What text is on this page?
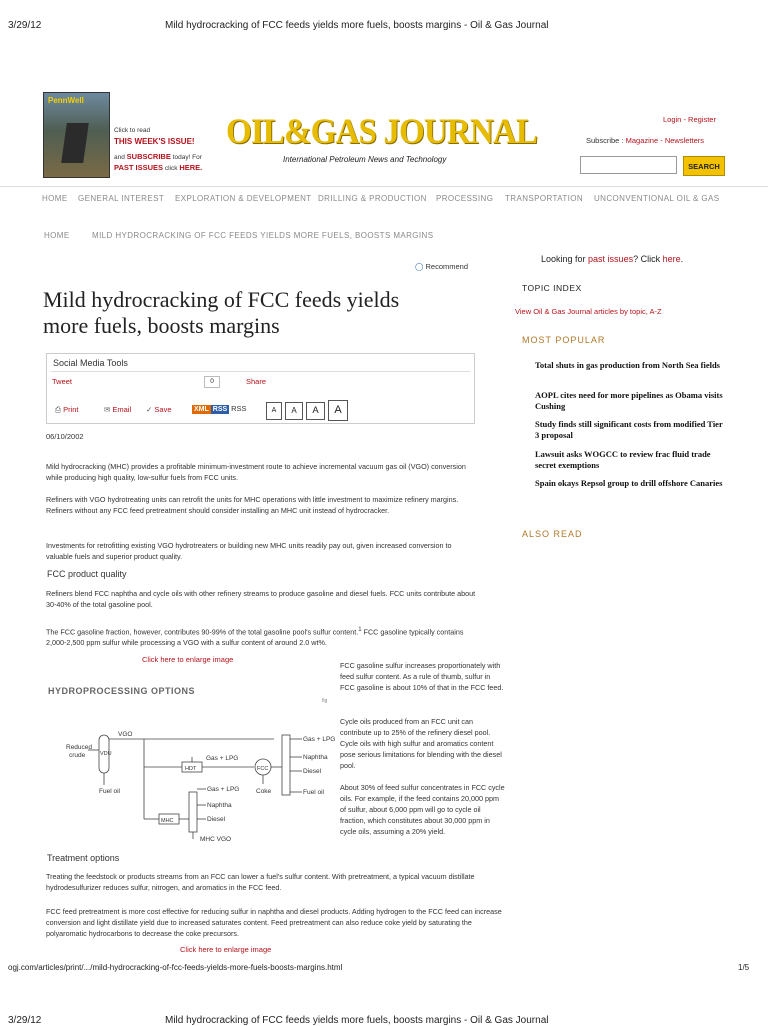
3/29/12	Mild hydrocracking of FCC feeds yields more fuels, boosts margins - Oil & Gas Journal
PennWell
Click to read
THIS WEEK'S ISSUE!
and SUBSCRIBE today! For
PAST ISSUES click HERE.
OIL&GAS JOURNAL
International Petroleum News and Technology
Login - Register
Subscribe : Magazine - Newsletters
SEARCH
HOME GENERAL INTEREST EXPLORATION & DEVELOPMENT DRILLING & PRODUCTION PROCESSING TRANSPORTATION UNCONVENTIONAL OIL & GAS
HOME	MILD HYDROCRACKING OF FCC FEEDS YIELDS MORE FUELS, BOOSTS MARGINS
◯ Recommend
Mild hydrocracking of FCC feeds yields
more fuels, boosts margins
Social Media Tools
Tweet	0	Share
⎙ Print	✉ Email ✓ Save	XML RSS RSS	A	A	A	A
06/10/2002
Mild hydrocracking (MHC) provides a profitable minimum-investment route to achieve incremental vacuum gas oil (VGO) conversion while producing high quality, low-sulfur fuels from FCC units.
Refiners with VGO hydrotreating units can retrofit the units for MHC operations with little investment to maximize refinery margins. Refiners without any FCC feed pretreatment should consider installing an MHC unit instead of hydrocracker.
Investments for retrofitting existing VGO hydrotreaters or building new MHC units readily pay out, given increased conversion to valuable fuels and superior product quality.
FCC product quality
Refiners blend FCC naphtha and cycle oils with other refinery streams to produce gasoline and diesel fuels. FCC units contribute about 30-40% of the total gasoline pool.
The FCC gasoline fraction, however, contributes 90-99% of the total gasoline pool's sulfur content.$^1$ FCC gasoline typically contains 2,000-2,500 ppm sulfur while processing a VGO with a sulfur content of around 2.0 wt%.
Click here to enlarge image
HYDROPROCESSING OPTIONS
fig
Reduced
crude	VDU
VGO
Fuel oil
HDT
Gas + LPG
FCC
Coke
Gas + LPG
Naphtha
Diesel
Fuel oil
MHC
Gas + LPG
Naphtha
Diesel
MHC VGO
FCC gasoline sulfur increases proportionately with feed sulfur content. As a rule of thumb, sulfur in FCC gasoline is about 10% of that in the FCC feed.
Cycle oils produced from an FCC unit can contribute up to 25% of the refinery diesel pool. Cycle oils with high sulfur and aromatics content pose serious limitations for blending with the diesel pool.
About 30% of feed sulfur concentrates in FCC cycle oils. For example, if the feed contains 20,000 ppm of sulfur, about 6,000 ppm will go to cycle oil fraction, which constitutes about 30,000 ppm in cycle oils, assuming a 20% yield.
Treatment options
Treating the feedstock or products streams from an FCC can lower a fuel's sulfur content. With pretreatment, a typical vacuum distillate hydrodesulfurizer reduces sulfur, nitrogen, and aromatics in the FCC feed.
FCC feed pretreatment is more cost effective for reducing sulfur in naphtha and diesel products. Adding hydrogen to the FCC feed can increase conversion and light distillate yield due to increased saturates content. Feed pretreatment can also reduce coke yield by saturating the polyaromatic hydrocarbons to decrease the coke precursors.
Click here to enlarge image
Looking for past issues? Click here.
TOPIC INDEX
View Oil & Gas Journal articles by topic, A-Z
MOST POPULAR
Total shuts in gas production from North Sea fields
AOPL cites need for more pipelines as Obama visits Cushing
Study finds still significant costs from modified Tier 3 proposal
Lawsuit asks WOGCC to review frac fluid trade secret exemptions
Spain okays Repsol group to drill offshore Canaries
ALSO READ
ogj.com/articles/print/.../mild-hydrocracking-of-fcc-feeds-yields-more-fuels-boosts-margins.html	1/5
3/29/12	Mild hydrocracking of FCC feeds yields more fuels, boosts margins - Oil & Gas Journal
